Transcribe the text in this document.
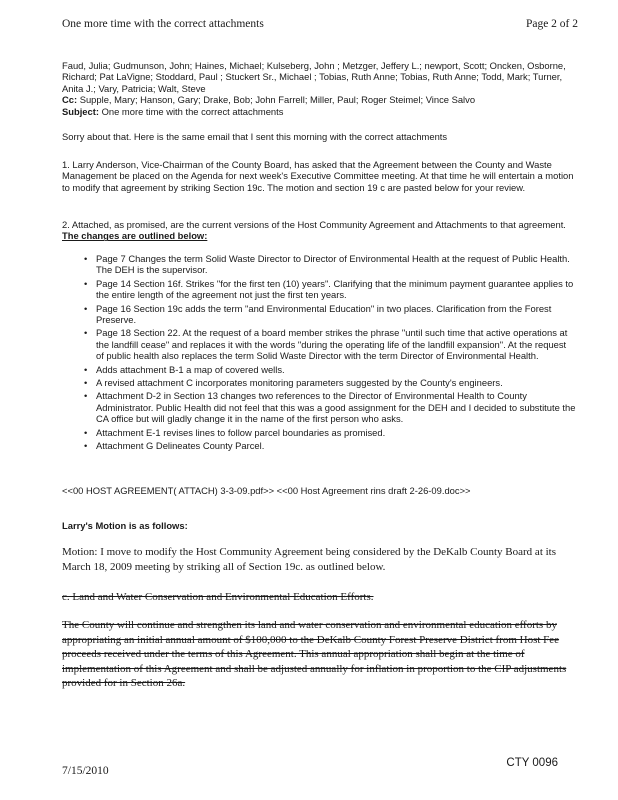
One more time with the correct attachments	Page 2 of 2
Faud, Julia; Gudmunson, John; Haines, Michael; Kulseberg, John ; Metzger, Jeffery L.; newport, Scott; Oncken, Osborne, Richard; Pat LaVigne; Stoddard, Paul ; Stuckert Sr., Michael ; Tobias, Ruth Anne; Tobias, Ruth Anne; Todd, Mark; Turner, Anita J.; Vary, Patricia; Walt, Steve
Cc: Supple, Mary; Hanson, Gary; Drake, Bob; John Farrell; Miller, Paul; Roger Steimel; Vince Salvo
Subject: One more time with the correct attachments
Sorry about that. Here is the same email that I sent this morning with the correct attachments
1. Larry Anderson, Vice-Chairman of the County Board, has asked that the Agreement between the County and Waste Management be placed on the Agenda for next week's Executive Committee meeting. At that time he will entertain a motion to modify that agreement by striking Section 19c. The motion and section 19 c are pasted below for your review.
2. Attached, as promised, are the current versions of the Host Community Agreement and Attachments to that agreement. The changes are outlined below:
• Page 7 Changes the term Solid Waste Director to Director of Environmental Health at the request of Public Health. The DEH is the supervisor.
• Page 14 Section 16f. Strikes "for the first ten (10) years". Clarifying that the minimum payment guarantee applies to the entire length of the agreement not just the first ten years.
• Page 16 Section 19c adds the term "and Environmental Education" in two places. Clarification from the Forest Preserve.
• Page 18 Section 22. At the request of a board member strikes the phrase "until such time that active operations at the landfill cease" and replaces it with the words "during the operating life of the landfill expansion". At the request of public health also replaces the term Solid Waste Director with the term Director of Environmental Health.
• Adds attachment B-1 a map of covered wells.
• A revised attachment C incorporates monitoring parameters suggested by the County's engineers.
• Attachment D-2 in Section 13 changes two references to the Director of Environmental Health to County Administrator. Public Health did not feel that this was a good assignment for the DEH and I decided to substitute the CA office but will gladly change it in the name of the first person who asks.
• Attachment E-1 revises lines to follow parcel boundaries as promised.
• Attachment G Delineates County Parcel.
<<00 HOST AGREEMENT( ATTACH) 3-3-09.pdf>> <<00 Host Agreement rins draft 2-26-09.doc>>
Larry's Motion is as follows:
Motion: I move to modify the Host Community Agreement being considered by the DeKalb County Board at its March 18, 2009 meeting by striking all of Section 19c. as outlined below.
c. Land and Water Conservation and Environmental Education Efforts.
The County will continue and strengthen its land and water conservation and environmental education efforts by appropriating an initial annual amount of $100,000 to the DeKalb County Forest Preserve District from Host Fee proceeds received under the terms of this Agreement. This annual appropriation shall begin at the time of implementation of this Agreement and shall be adjusted annually for inflation in proportion to the CIP adjustments provided for in Section 26a.
7/15/2010
CTY 0096
